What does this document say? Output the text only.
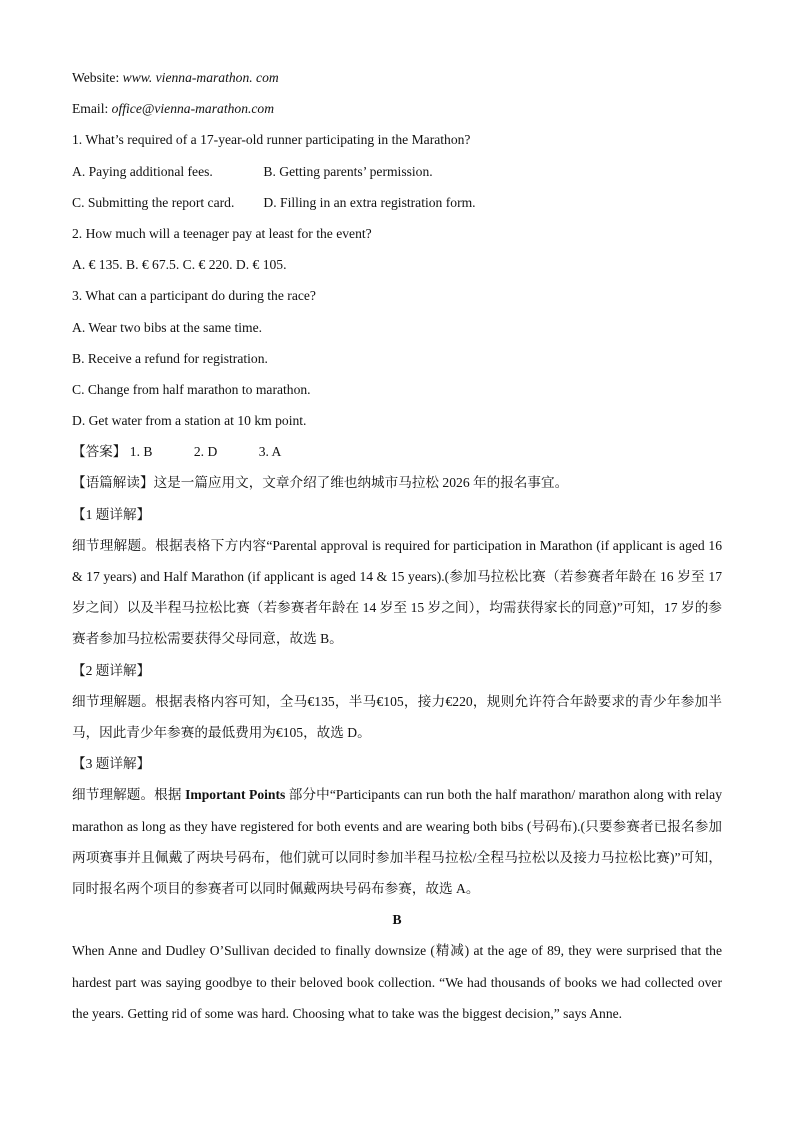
Website: www. vienna-marathon. com
Email: office@vienna-marathon.com
1. What’s required of a 17-year-old runner participating in the Marathon?
A. Paying additional fees.	B. Getting parents’ permission.
C. Submitting the report card. D. Filling in an extra registration form.
2. How much will a teenager pay at least for the event?
A. € 135. B. € 67.5. C. € 220. D. € 105.
3. What can a participant do during the race?
A. Wear two bibs at the same time.
B. Receive a refund for registration.
C. Change from half marathon to marathon.
D. Get water from a station at 10 km point.
【答案】 1. B	2. D	3. A
【语篇解读】这是一篇应用文，文章介绍了维也纳城市马拉松 2026 年的报名事宜。
【1 题详解】
细节理解题。根据表格下方内容“Parental approval is required for participation in Marathon (if applicant is aged 16 & 17 years) and Half Marathon (if applicant is aged 14 & 15 years).(参加马拉松比赛（若参赛者年龄在 16 岁至 17 岁之间）以及半程马拉松比赛（若参赛者年龄在 14 岁至 15 岁之间），均需获得家长的同意)”可知，17 岁的参赛者参加马拉松需要获得父母同意，故选 B。
【2 题详解】
细节理解题。根据表格内容可知，全马€135，半马€105，接力€220，规则允许符合年龄要求的青少年参加半马，因此青少年参赛的最低费用为€105，故选 D。
【3 题详解】
细节理解题。根据 Important Points 部分中“Participants can run both the half marathon/ marathon along with relay marathon as long as they have registered for both events and are wearing both bibs (号码布).(只要参赛者已报名参加两项赛事并且佩戴了两块号码布，他们就可以同时参加半程马拉松/全程马拉松以及接力马拉松比赛)”可知，同时报名两个项目的参赛者可以同时佩戴两块号码布参赛，故选 A。
B
When Anne and Dudley O’Sullivan decided to finally downsize (精减) at the age of 89, they were surprised that the hardest part was saying goodbye to their beloved book collection. “We had thousands of books we had collected over the years. Getting rid of some was hard. Choosing what to take was the biggest decision,” says Anne.
